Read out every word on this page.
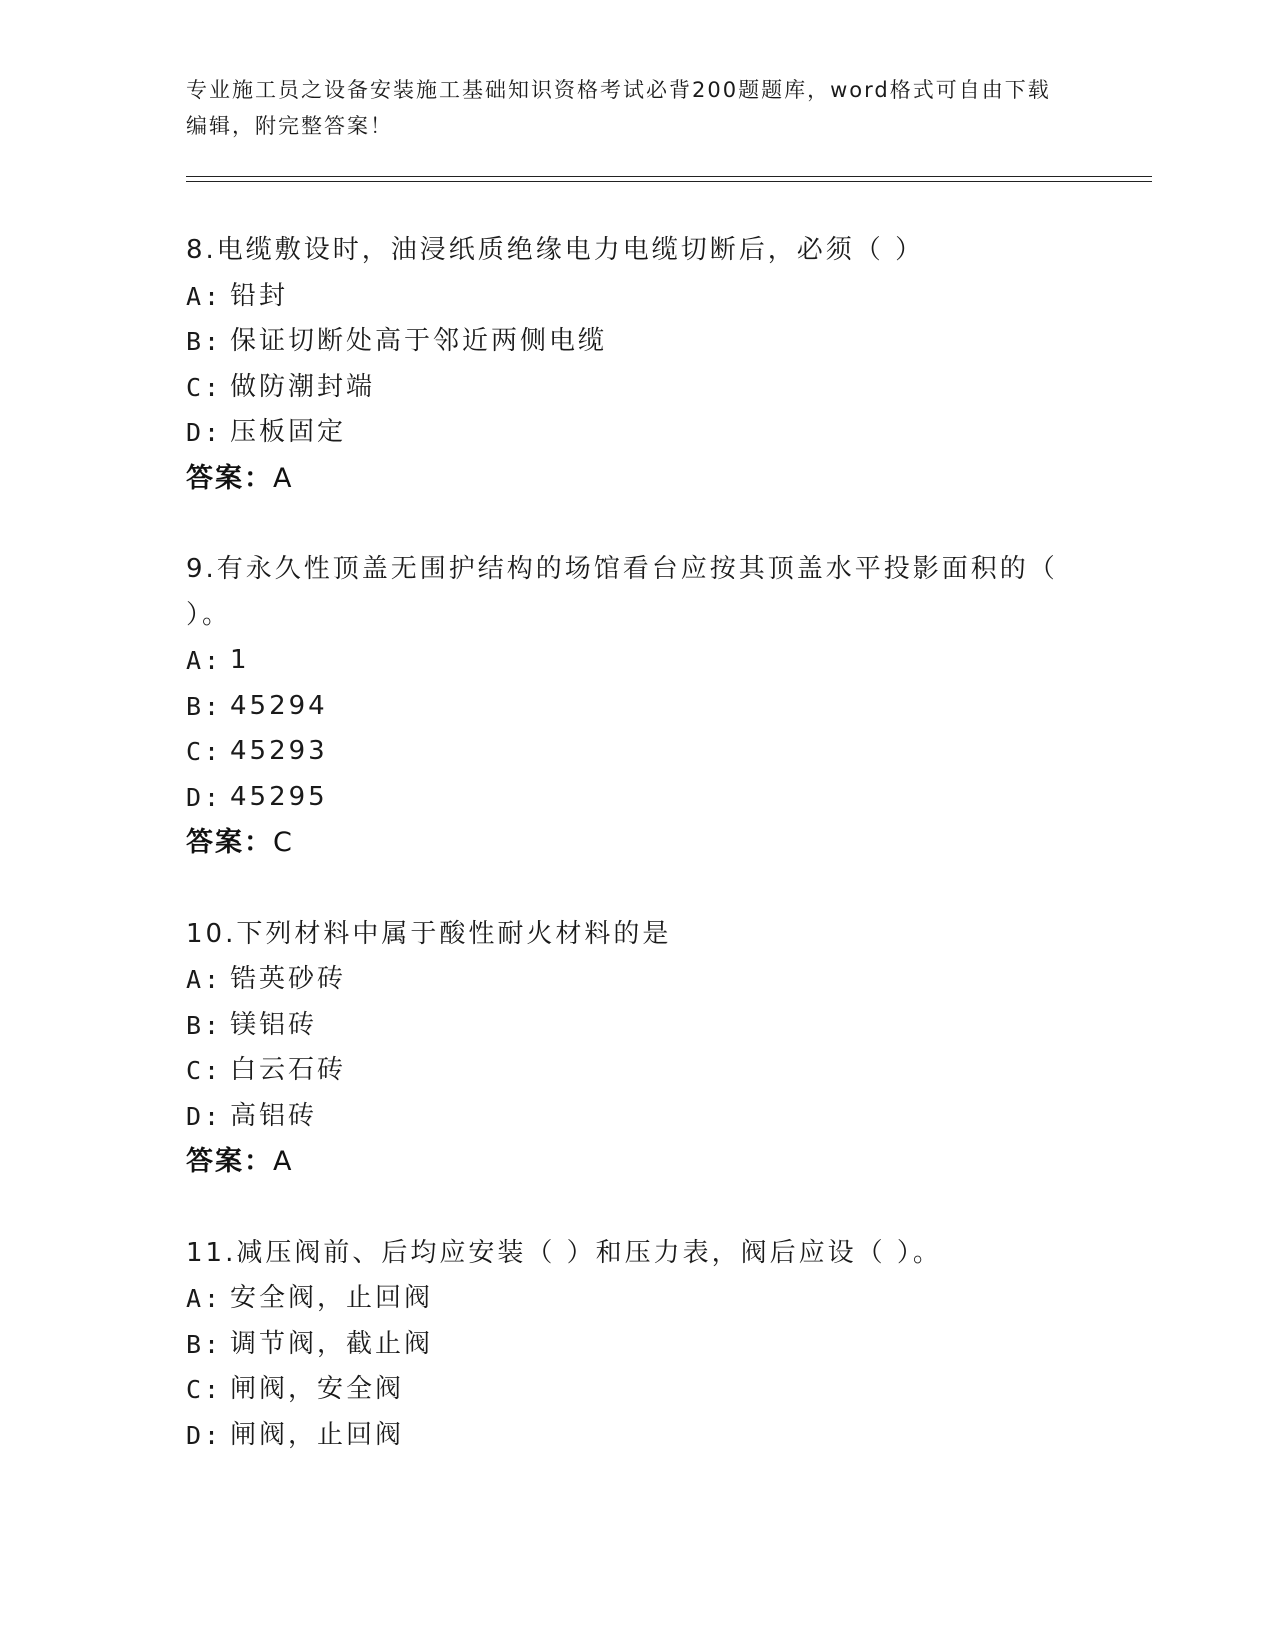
专业施工员之设备安装施工基础知识资格考试必背200题题库，word格式可自由下载编辑，附完整答案！
8.电缆敷设时，油浸纸质绝缘电力电缆切断后，必须（ ）
A: 铅封
B: 保证切断处高于邻近两侧电缆
C: 做防潮封端
D: 压板固定
答案：A
9.有永久性顶盖无围护结构的场馆看台应按其顶盖水平投影面积的（ ）。
A: 1
B: 45294
C: 45293
D: 45295
答案：C
10.下列材料中属于酸性耐火材料的是
A: 锆英砂砖
B: 镁铝砖
C: 白云石砖
D: 高铝砖
答案：A
11.减压阀前、后均应安装（ ）和压力表，阀后应设（ ）。
A: 安全阀，止回阀
B: 调节阀，截止阀
C: 闸阀，安全阀
D: 闸阀，止回阀
